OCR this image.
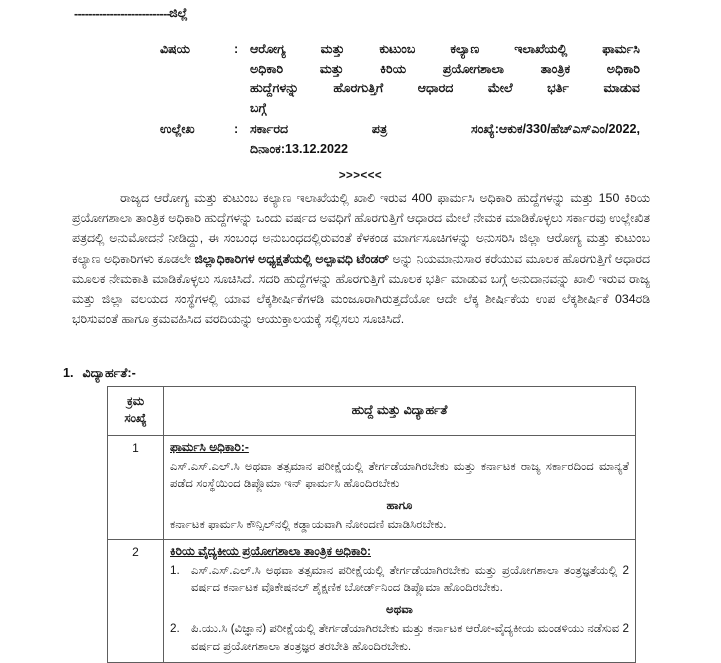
--------------------------- ಜಿಲ್ಲೆ
ವಿಷಯ	: ಆರೋಗ್ಯ ಮತ್ತು ಕುಟುಂಬ ಕಲ್ಯಾಣ ಇಲಾಖೆಯಲ್ಲಿ ಫಾರ್ಮಸಿ
ಅಧಿಕಾರಿ ಮತ್ತು ಕಿರಿಯ ಪ್ರಯೋಗಶಾಲಾ ತಾಂತ್ರಿಕ ಅಧಿಕಾರಿ
ಹುದ್ದೆಗಳನ್ನು ಹೊರಗುತ್ತಿಗೆ ಆಧಾರದ ಮೇಲೆ ಭರ್ತಿ ಮಾಡುವ
ಬಗ್ಗೆ
ಉಲ್ಲೇಖ	: ಸರ್ಕಾರದ ಪತ್ರ ಸಂಖ್ಯೆ:ಆಕುಕ/330/ಹೆಚ್‌ಎಸ್‌ಎಂ/2022,
ದಿನಾಂಕ:13.12.2022
>>><<<
ರಾಜ್ಯದ ಆರೋಗ್ಯ ಮತ್ತು ಕುಟುಂಬ ಕಲ್ಯಾಣ ಇಲಾಖೆಯಲ್ಲಿ ಖಾಲಿ ಇರುವ 400 ಫಾರ್ಮಸಿ ಅಧಿಕಾರಿ ಹುದ್ದೆಗಳನ್ನು ಮತ್ತು 150 ಕಿರಿಯ ಪ್ರಯೋಗಶಾಲಾ ತಾಂತ್ರಿಕ ಅಧಿಕಾರಿ ಹುದ್ದೆಗಳನ್ನು ಒಂದು ವರ್ಷದ ಅವಧಿಗೆ ಹೊರಗುತ್ತಿಗೆ ಆಧಾರದ ಮೇಲೆ ನೇಮಕ ಮಾಡಿಕೊಳ್ಳಲು ಸರ್ಕಾರವು ಉಲ್ಲೇಖಿತ ಪತ್ರದಲ್ಲಿ ಅನುಮೋದನೆ ನೀಡಿದ್ದು, ಈ ಸಂಬಂಧ ಅನುಬಂಧದಲ್ಲಿರುವಂತೆ ಕೆಳಕಂಡ ಮಾರ್ಗಸೂಚಿಗಳನ್ನು ಅನುಸರಿಸಿ ಜಿಲ್ಲಾ ಆರೋಗ್ಯ ಮತ್ತು ಕುಟುಂಬ ಕಲ್ಯಾಣ ಅಧಿಕಾರಿಗಳು ಕೂಡಲೇ ಜಿಲ್ಲಾಧಿಕಾರಿಗಳ ಅಧ್ಯಕ್ಷತೆಯಲ್ಲಿ ಅಲ್ಪಾವಧಿ ಟೆಂಡರ್ ಅನ್ನು ನಿಯಮಾನುಸಾರ ಕರೆಯುವ ಮೂಲಕ ಹೊರಗುತ್ತಿಗೆ ಆಧಾರದ ಮೂಲಕ ನೇಮಕಾತಿ ಮಾಡಿಕೊಳ್ಳಲು ಸೂಚಿಸಿದೆ. ಸದರಿ ಹುದ್ದೆಗಳನ್ನು ಹೊರಗುತ್ತಿಗೆ ಮೂಲಕ ಭರ್ತಿ ಮಾಡುವ ಬಗ್ಗೆ ಅನುದಾನವನ್ನು ಖಾಲಿ ಇರುವ ರಾಜ್ಯ ಮತ್ತು ಜಿಲ್ಲಾ ವಲಯದ ಸಂಸ್ಥೆಗಳಲ್ಲಿ ಯಾವ ಲೆಕ್ಕಶೀರ್ಷಿಕೆಗಳಡಿ ಮಂಜೂರಾಗಿರುತ್ತದೆಯೋ ಆದೇ ಲೆಕ್ಕ ಶೀರ್ಷಿಕೆಯ ಉಪ ಲೆಕ್ಕಶೀರ್ಷಿಕೆ 034ರಡಿ ಭರಿಸುವಂತೆ ಹಾಗೂ ಕ್ರಮವಹಿಸಿದ ವರದಿಯನ್ನು ಆಯುಕ್ತಾಲಯಕ್ಕೆ ಸಲ್ಲಿಸಲು ಸೂಚಿಸಿದೆ.
1. ವಿದ್ಯಾರ್ಹತೆ:-
ಕ್ರಮ
ಸಂಖ್ಯೆ	ಹುದ್ದೆ ಮತ್ತು ವಿದ್ಯಾರ್ಹತೆ
1	ಫಾರ್ಮಸಿ ಅಧಿಕಾರಿ:-
ಎಸ್.ಎಸ್.ಎಲ್.ಸಿ ಅಥವಾ ತತ್ಸಮಾನ ಪರೀಕ್ಷೆಯಲ್ಲಿ ತೇರ್ಗಡೆಯಾಗಿರಬೇಕು ಮತ್ತು ಕರ್ನಾಟಕ ರಾಜ್ಯ ಸರ್ಕಾರದಿಂದ ಮಾನ್ಯತೆ ಪಡೆದ ಸಂಸ್ಥೆಯಿಂದ ಡಿಪ್ಲೊಮಾ ಇನ್ ಫಾರ್ಮಸಿ ಹೊಂದಿರಬೇಕು
ಹಾಗೂ
ಕರ್ನಾಟಕ ಫಾರ್ಮಸಿ ಕೌನ್ಸಿಲ್‌ನಲ್ಲಿ ಕಡ್ಡಾಯವಾಗಿ ನೋಂದಣಿ ಮಾಡಿಸಿರಬೇಕು.

2	ಕಿರಿಯ ವೈದ್ಯಕೀಯ ಪ್ರಯೋಗಶಾಲಾ ತಾಂತ್ರಿಕ ಅಧಿಕಾರಿ:
1. ಎಸ್.ಎಸ್.ಎಲ್.ಸಿ ಅಥವಾ ತತ್ಸಮಾನ ಪರೀಕ್ಷೆಯಲ್ಲಿ ತೇರ್ಗಡೆಯಾಗಿರಬೇಕು ಮತ್ತು ಪ್ರಯೋಗಶಾಲಾ ತಂತ್ರಜ್ಞತೆಯಲ್ಲಿ 2 ವರ್ಷದ ಕರ್ನಾಟಕ ವೊಕೇಷನಲ್ ಶೈಕ್ಷಣಿಕ ಬೋರ್ಡ್‌ನಿಂದ ಡಿಪ್ಲೊಮಾ ಹೊಂದಿರಬೇಕು.
ಅಥವಾ
2. ಪಿ.ಯು.ಸಿ (ವಿಜ್ಞಾನ) ಪರೀಕ್ಷೆಯಲ್ಲಿ ತೇರ್ಗಡೆಯಾಗಿರಬೇಕು ಮತ್ತು ಕರ್ನಾಟಕ ಆರೋ-ವೈದ್ಯಕೀಯ ಮಂಡಳಿಯು ನಡೆಸುವ 2 ವರ್ಷದ ಪ್ರಯೋಗಶಾಲಾ ತಂತ್ರಜ್ಞರ ತರಬೇತಿ ಹೊಂದಿರಬೇಕು.
